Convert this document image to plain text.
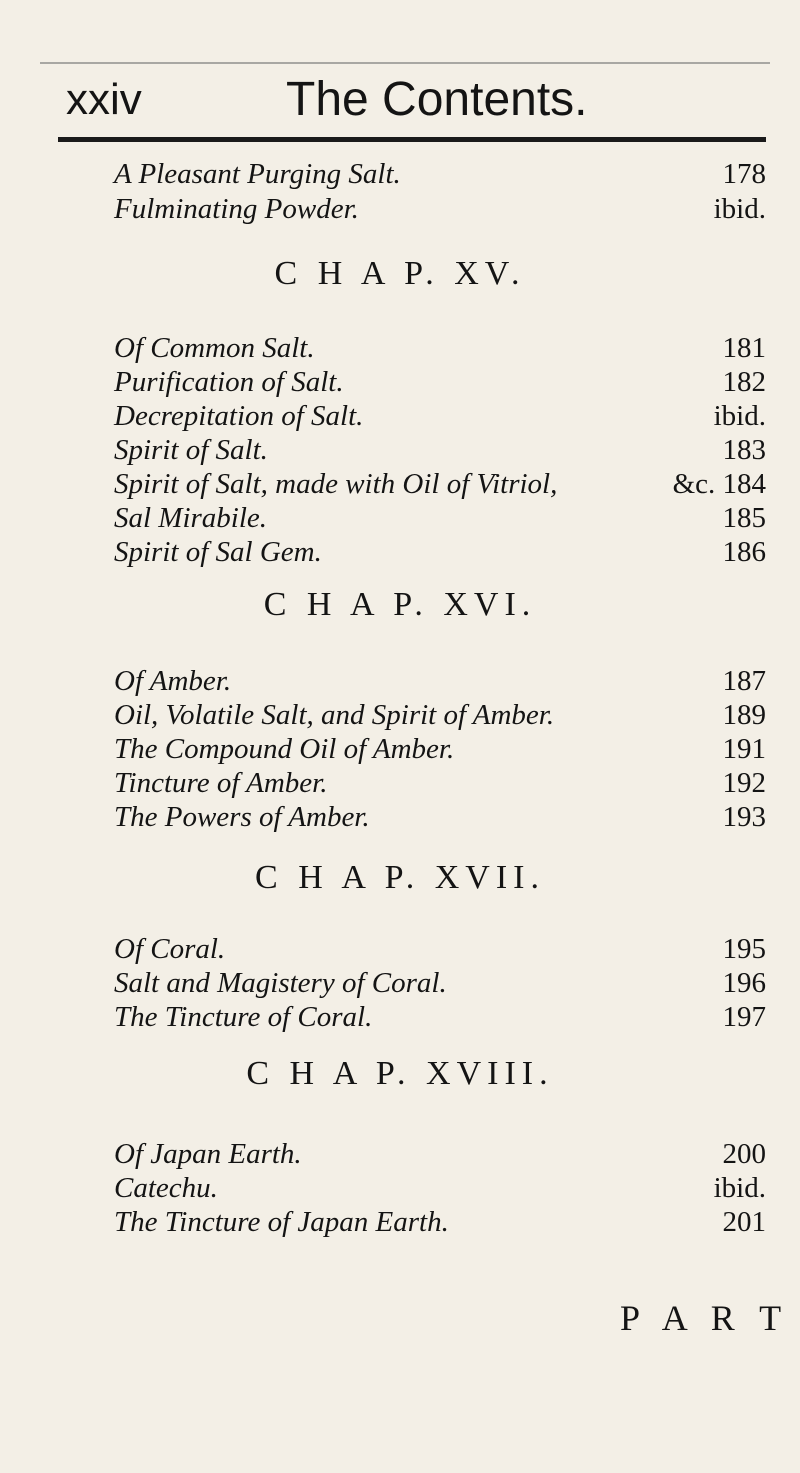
xxiv	The Contents.
A Pleasant Purging Salt.	178
Fulminating Powder.	ibid.
C H A P. XV.
Of Common Salt.	181
Purification of Salt.	182
Decrepitation of Salt.	ibid.
Spirit of Salt.	183
Spirit of Salt, made with Oil of Vitriol,	&c. 184
Sal Mirabile.	185
Spirit of Sal Gem.	186
C H A P. XVI.
Of Amber.	187
Oil, Volatile Salt, and Spirit of Amber.	189
The Compound Oil of Amber.	191
Tincture of Amber.	192
The Powers of Amber.	193
C H A P. XVII.
Of Coral.	195
Salt and Magistery of Coral.	196
The Tincture of Coral.	197
C H A P. XVIII.
Of Japan Earth.	200
Catechu.	ibid.
The Tincture of Japan Earth.	201
P A R T
